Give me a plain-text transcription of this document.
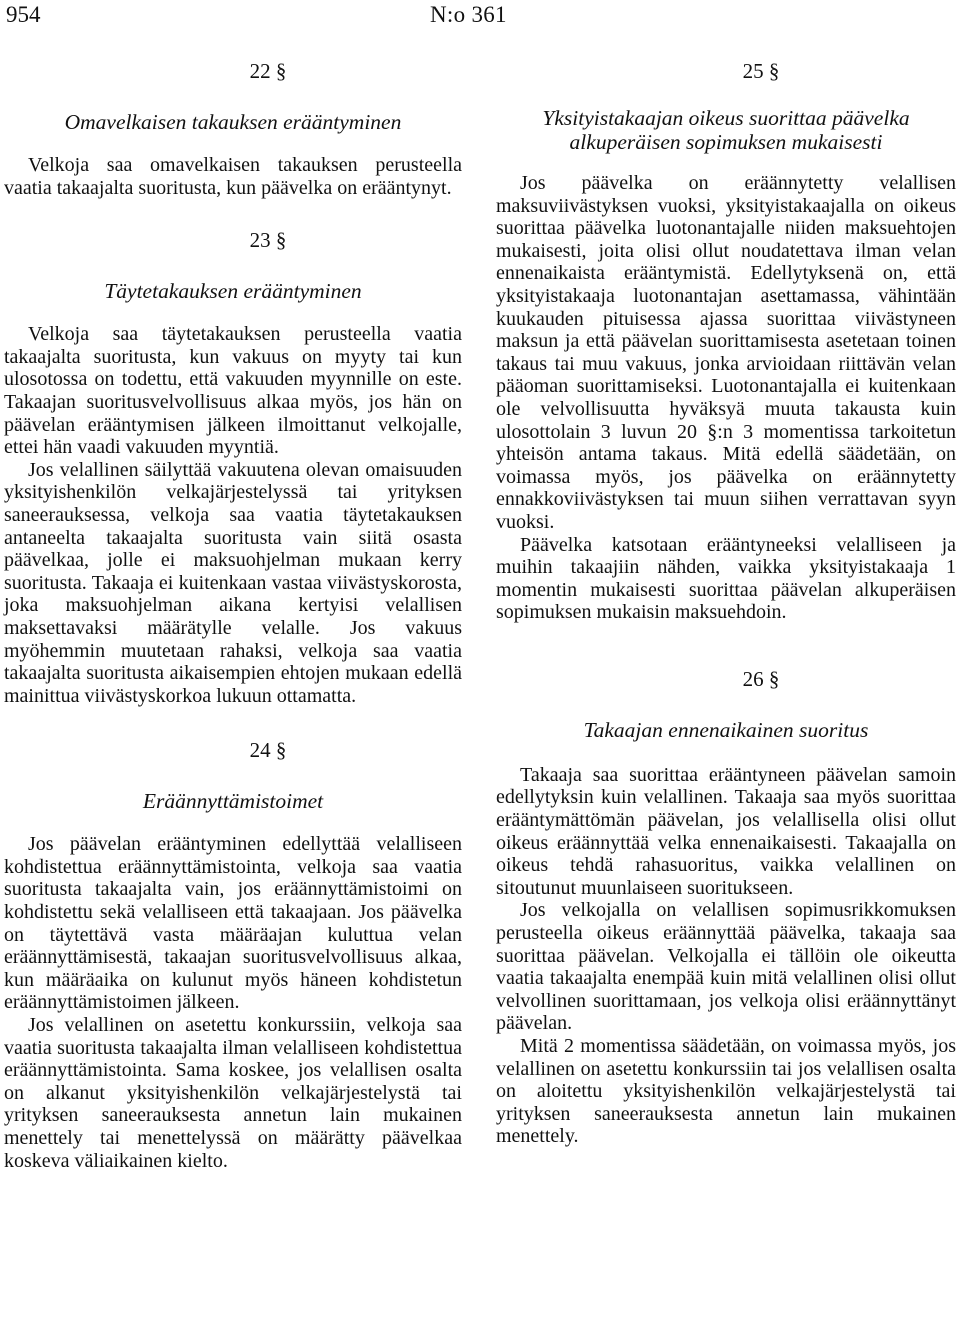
954	N:o 361

22 §

Omavelkaisen takauksen erääntyminen

Velkoja saa omavelkaisen takauksen perusteella vaatia takaajalta suoritusta, kun päävelka on erääntynyt.

23 §

Täytetakauksen erääntyminen

Velkoja saa täytetakauksen perusteella vaatia takaajalta suoritusta, kun vakuus on myyty tai kun ulosotossa on todettu, että vakuuden myynnille on este. Takaajan suoritusvelvollisuus alkaa myös, jos hän on päävelan erääntymisen jälkeen ilmoittanut velkojalle, ettei hän vaadi vakuuden myyntiä.

Jos velallinen säilyttää vakuutena olevan omaisuuden yksityishenkilön velkajärjestelyssä tai yrityksen saneerauksessa, velkoja saa vaatia täytetakauksen antaneelta takaajalta suoritusta vain siitä osasta päävelkaa, jolle ei maksuohjelman mukaan kerry suoritusta. Takaaja ei kuitenkaan vastaa viivästyskorosta, joka maksuohjelman aikana kertyisi velallisen maksettavaksi määrätylle velalle. Jos vakuus myöhemmin muutetaan rahaksi, velkoja saa vaatia takaajalta suoritusta aikaisempien ehtojen mukaan edellä mainittua viivästyskorkoa lukuun ottamatta.

24 §

Eräännyttämistoimet

Jos päävelan erääntyminen edellyttää velalliseen kohdistettua eräännyttämistointa, velkoja saa vaatia suoritusta takaajalta vain, jos eräännyttämistoimi on kohdistettu sekä velalliseen että takaajaan. Jos päävelka on täytettävä vasta määräajan kuluttua velan eräännyttämisestä, takaajan suoritusvelvollisuus alkaa, kun määräaika on kulunut myös häneen kohdistetun eräännyttämistoimen jälkeen.

Jos velallinen on asetettu konkurssiin, velkoja saa vaatia suoritusta takaajalta ilman velalliseen kohdistettua eräännyttämistointa. Sama koskee, jos velallisen osalta on alkanut yksityishenkilön velkajärjestelystä tai yrityksen saneerauksesta annetun lain mukainen menettely tai menettelyssä on määrätty päävelkaa koskeva väliaikainen kielto.

25 §

Yksityistakaajan oikeus suorittaa päävelka alkuperäisen sopimuksen mukaisesti

Jos päävelka on eräännytetty velallisen maksuviivästyksen vuoksi, yksityistakaajalla on oikeus suorittaa päävelka luotonantajalle niiden maksuehtojen mukaisesti, joita olisi ollut noudatettava ilman velan ennenaikaista erääntymistä. Edellytyksenä on, että yksityistakaaja luotonantajan asettamassa, vähintään kuukauden pituisessa ajassa suorittaa viivästyneen maksun ja että päävelan suorittamisesta asetetaan toinen takaus tai muu vakuus, jonka arvioidaan riittävän velan pääoman suorittamiseksi. Luotonantajalla ei kuitenkaan ole velvollisuutta hyväksyä muuta takausta kuin ulosottolain 3 luvun 20 §:n 3 momentissa tarkoitetun yhteisön antama takaus. Mitä edellä säädetään, on voimassa myös, jos päävelka on eräännytetty ennakkoviivästyksen tai muun siihen verrattavan syyn vuoksi.

Päävelka katsotaan erääntyneeksi velalliseen ja muihin takaajiin nähden, vaikka yksityistakaaja 1 momentin mukaisesti suorittaa päävelan alkuperäisen sopimuksen mukaisin maksuehdoin.

26 §

Takaajan ennenaikainen suoritus

Takaaja saa suorittaa erääntyneen päävelan samoin edellytyksin kuin velallinen. Takaaja saa myös suorittaa erääntymättömän päävelan, jos velallisella olisi ollut oikeus eräännyttää velka ennenaikaisesti. Takaajalla on oikeus tehdä rahasuoritus, vaikka velallinen on sitoutunut muunlaiseen suoritukseen.

Jos velkojalla on velallisen sopimusrikkomuksen perusteella oikeus eräännyttää päävelka, takaaja saa suorittaa päävelan. Velkojalla ei tällöin ole oikeutta vaatia takaajalta enempää kuin mitä velallinen olisi ollut velvollinen suorittamaan, jos velkoja olisi eräännyttänyt päävelan.

Mitä 2 momentissa säädetään, on voimassa myös, jos velallinen on asetettu konkurssiin tai jos velallisen osalta on aloitettu yksityishenkilön velkajärjestelystä tai yrityksen saneerauksesta annetun lain mukainen menettely.
